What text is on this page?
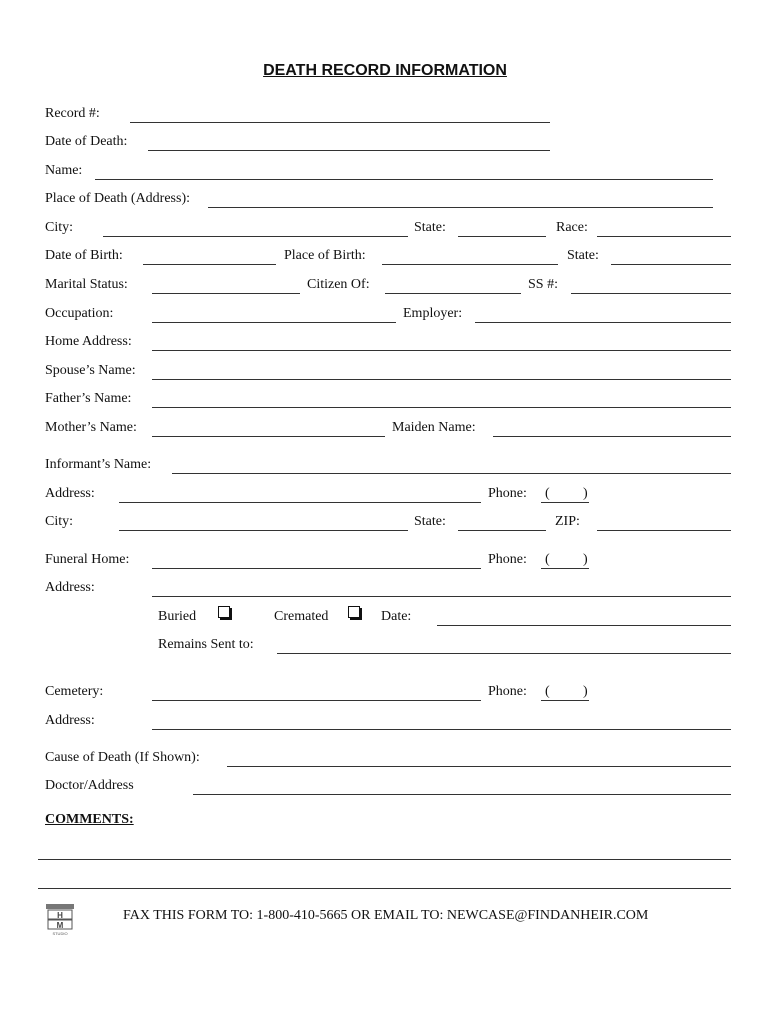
DEATH RECORD INFORMATION
Record #:
Date of Death:
Name:
Place of Death (Address):
City:	State:	Race:
Date of Birth:	Place of Birth:	State:
Marital Status:	Citizen Of:	SS #:
Occupation:	Employer:
Home Address:
Spouse’s Name:
Father’s Name:
Mother’s Name:	Maiden Name:
Informant’s Name:
Address:	Phone: ( )
City:	State:	ZIP:
Funeral Home:	Phone: ( )
Address:
Buried	Cremated	Date:
Remains Sent to:
Cemetery:	Phone: ( )
Address:
Cause of Death (If Shown):
Doctor/Address
COMMENTS:
H
M
STUDIO
FAX THIS FORM TO: 1-800-410-5665 OR EMAIL TO: NEWCASE@FINDANHEIR.COM
